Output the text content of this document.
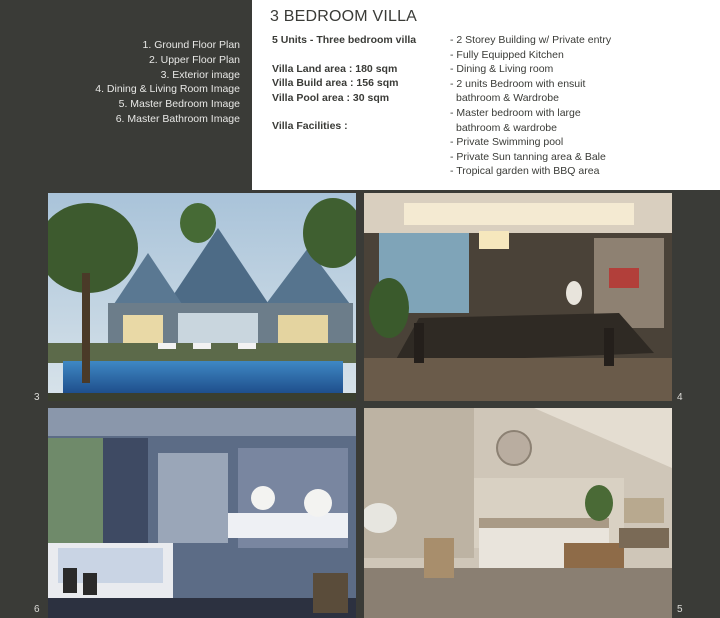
1. Ground Floor Plan
2. Upper Floor Plan
3. Exterior image
4. Dining & Living Room Image
5. Master Bedroom Image
6. Master Bathroom Image
3 BEDROOM VILLA
5 Units - Three bedroom villa
Villa Land area : 180 sqm
Villa Build area : 156 sqm
Villa Pool area : 30 sqm
Villa Facilities :
- 2 Storey Building w/ Private entry
- Fully Equipped Kitchen
- Dining & Living room
- 2 units Bedroom with ensuit
bathroom & Wardrobe
- Master bedroom with large
bathroom & wardrobe
- Private Swimming pool
- Private Sun tanning area & Bale
- Tropical garden with BBQ area
3	4
6	5
